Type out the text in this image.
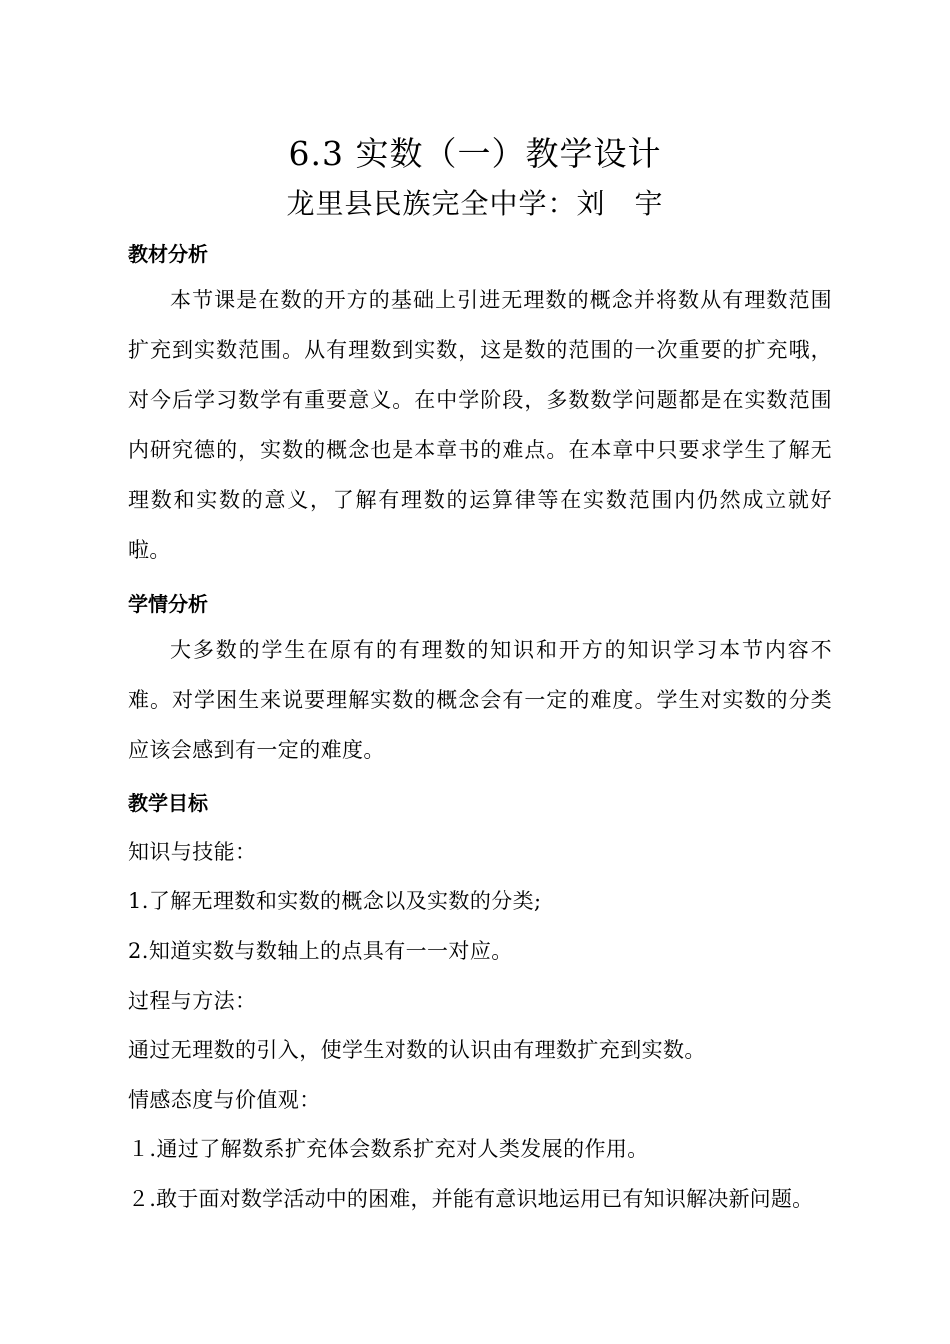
6.3 实数（一）教学设计
龙里县民族完全中学：刘　宇
教材分析
本节课是在数的开方的基础上引进无理数的概念并将数从有理数范围扩充到实数范围。从有理数到实数，这是数的范围的一次重要的扩充哦，对今后学习数学有重要意义。在中学阶段，多数数学问题都是在实数范围内研究德的，实数的概念也是本章书的难点。在本章中只要求学生了解无理数和实数的意义，了解有理数的运算律等在实数范围内仍然成立就好啦。
学情分析
大多数的学生在原有的有理数的知识和开方的知识学习本节内容不难。对学困生来说要理解实数的概念会有一定的难度。学生对实数的分类应该会感到有一定的难度。
教学目标
知识与技能：
1.了解无理数和实数的概念以及实数的分类;
2.知道实数与数轴上的点具有一一对应。
过程与方法：
通过无理数的引入，使学生对数的认识由有理数扩充到实数。
情感态度与价值观：
１.通过了解数系扩充体会数系扩充对人类发展的作用。
２.敢于面对数学活动中的困难，并能有意识地运用已有知识解决新问题。
